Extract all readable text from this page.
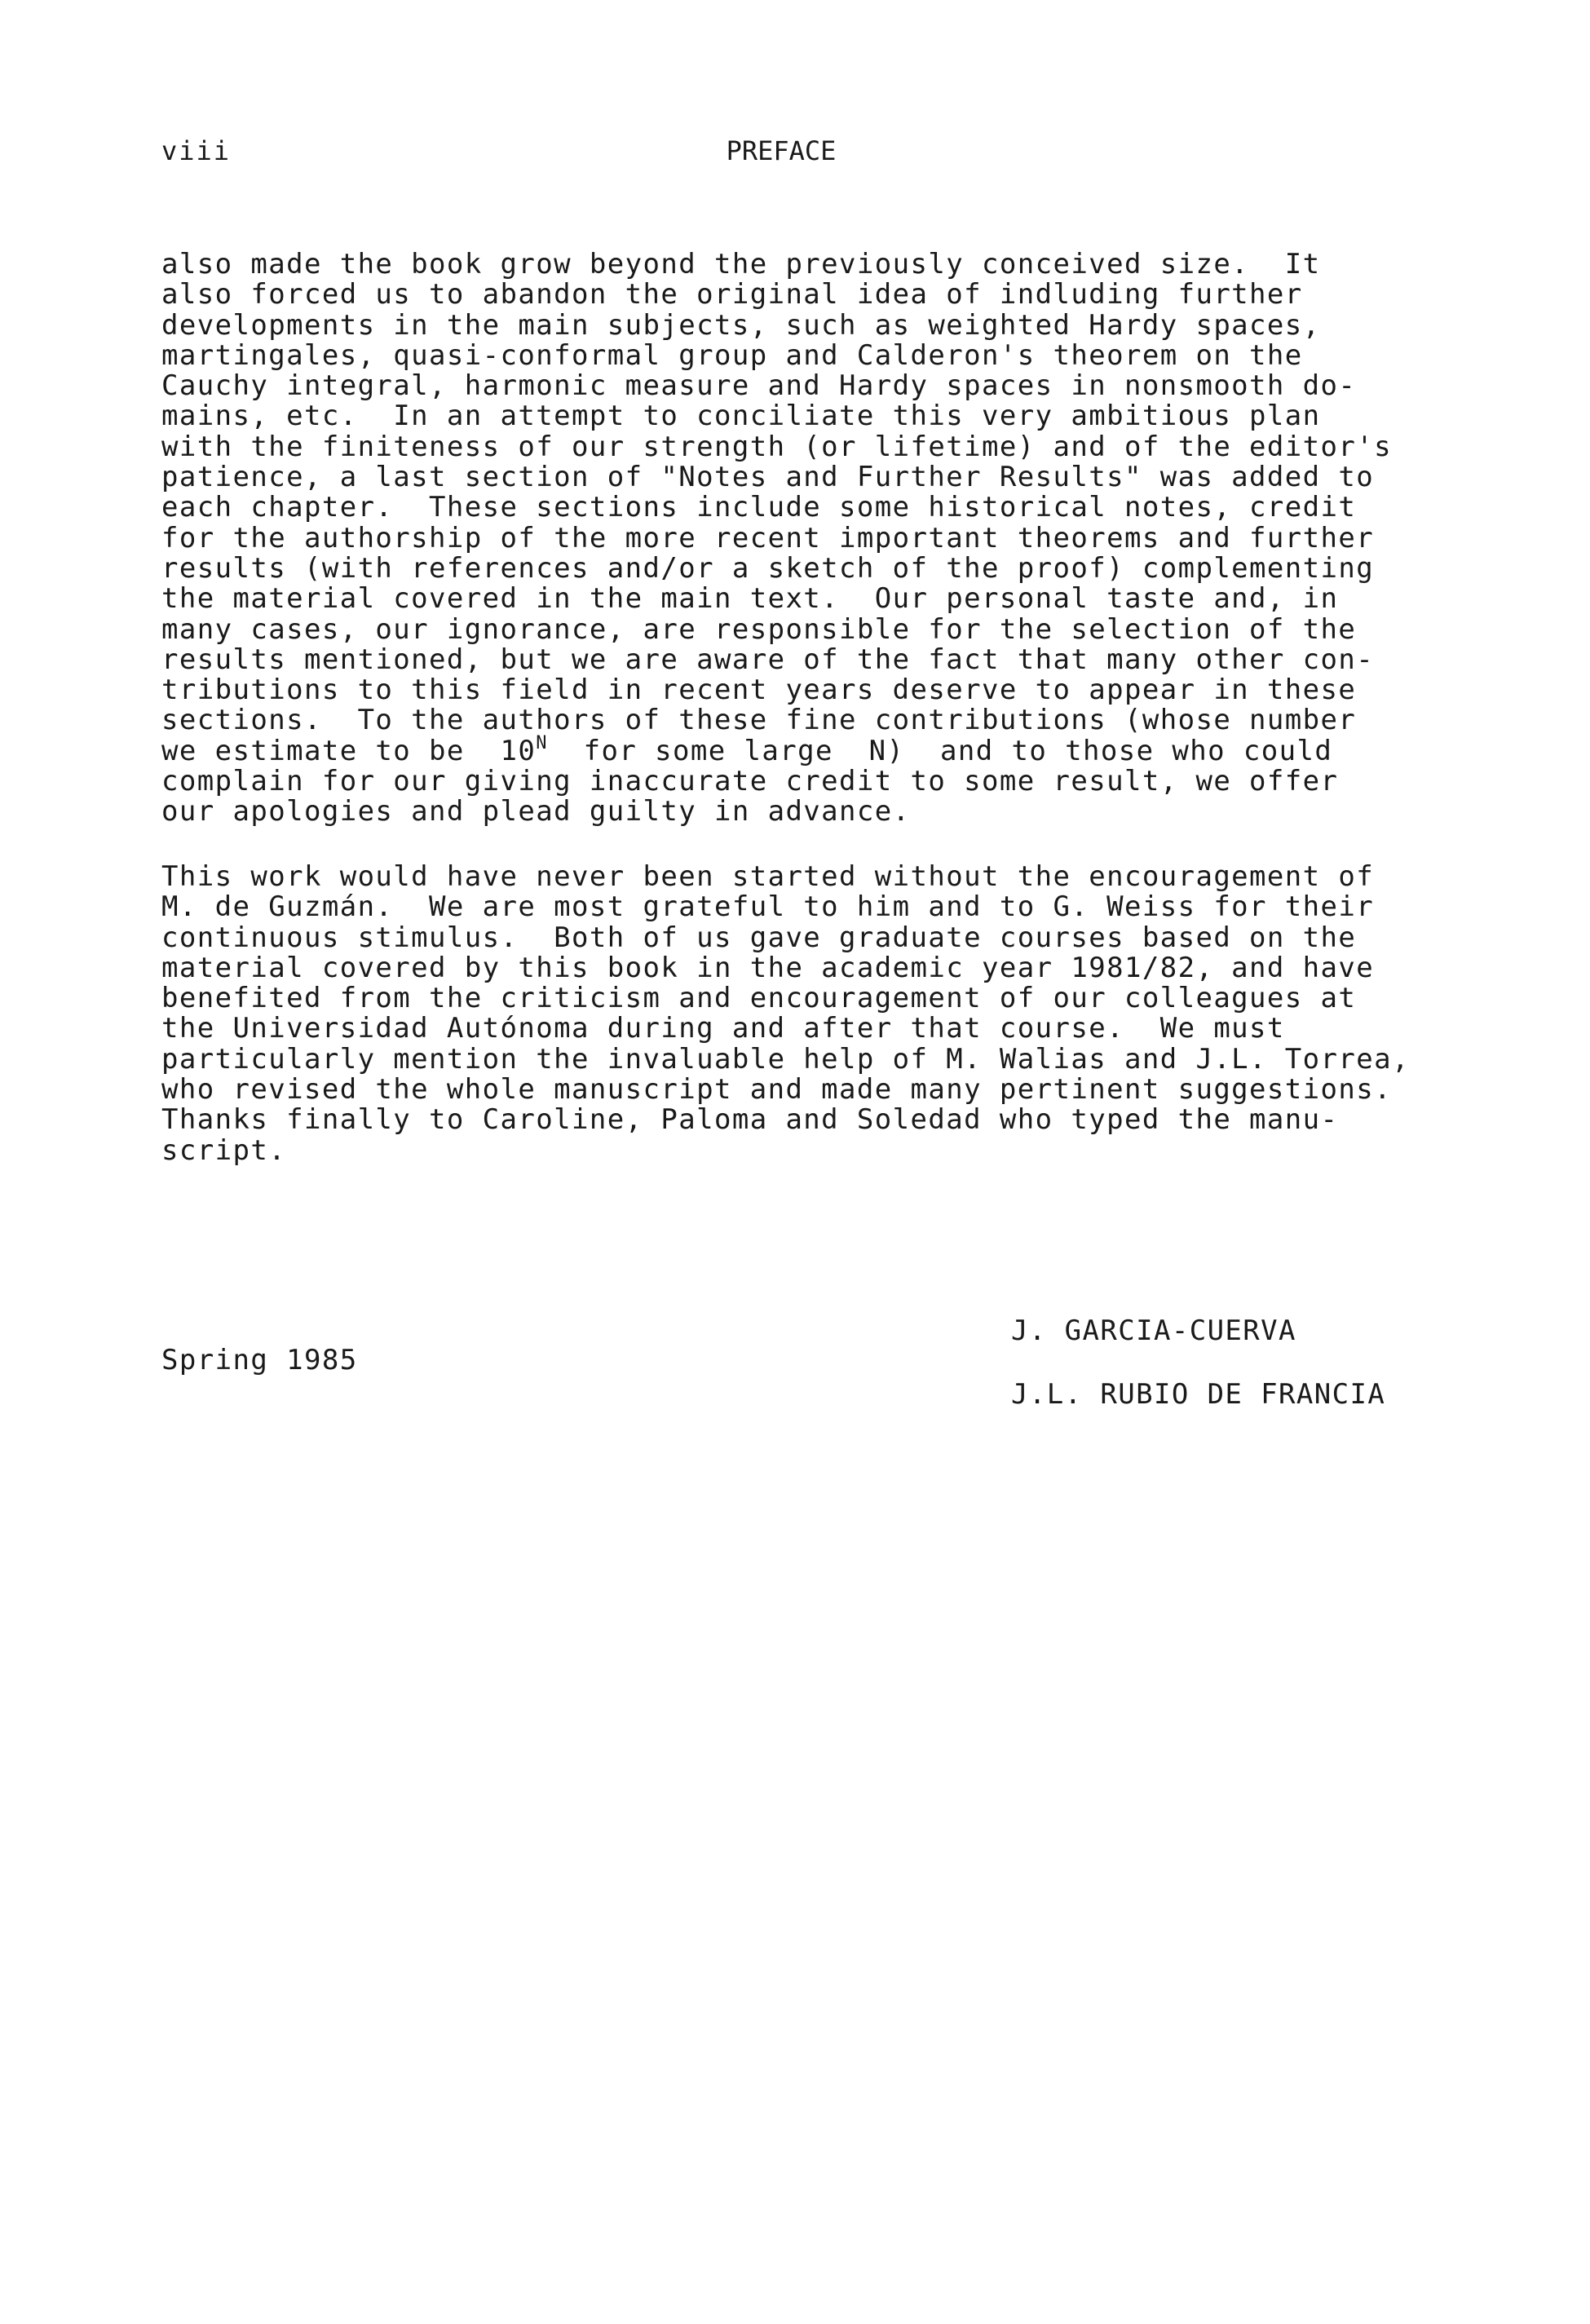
viii	PREFACE
also made the book grow beyond the previously conceived size.  It
also forced us to abandon the original idea of indluding further
developments in the main subjects, such as weighted Hardy spaces,
martingales, quasi-conformal group and Calderon's theorem on the
Cauchy integral, harmonic measure and Hardy spaces in nonsmooth do-
mains, etc.  In an attempt to conciliate this very ambitious plan
with the finiteness of our strength (or lifetime) and of the editor's
patience, a last section of "Notes and Further Results" was added to
each chapter.  These sections include some historical notes, credit
for the authorship of the more recent important theorems and further
results (with references and/or a sketch of the proof) complementing
the material covered in the main text.  Our personal taste and, in
many cases, our ignorance, are responsible for the selection of the
results mentioned, but we are aware of the fact that many other con-
tributions to this field in recent years deserve to appear in these
sections.  To the authors of these fine contributions (whose number
we estimate to be  $10^N$  for some large  N)  and to those who could
complain for our giving inaccurate credit to some result, we offer
our apologies and plead guilty in advance.
This work would have never been started without the encouragement of
M. de Guzmán.  We are most grateful to him and to G. Weiss for their
continuous stimulus.  Both of us gave graduate courses based on the
material covered by this book in the academic year 1981/82, and have
benefited from the criticism and encouragement of our colleagues at
the Universidad Autónoma during and after that course.  We must
particularly mention the invaluable help of M. Walias and J.L. Torrea,
who revised the whole manuscript and made many pertinent suggestions.
Thanks finally to Caroline, Paloma and Soledad who typed the manu-
script.
Spring 1985
J. GARCIA-CUERVA
J.L. RUBIO DE FRANCIA
